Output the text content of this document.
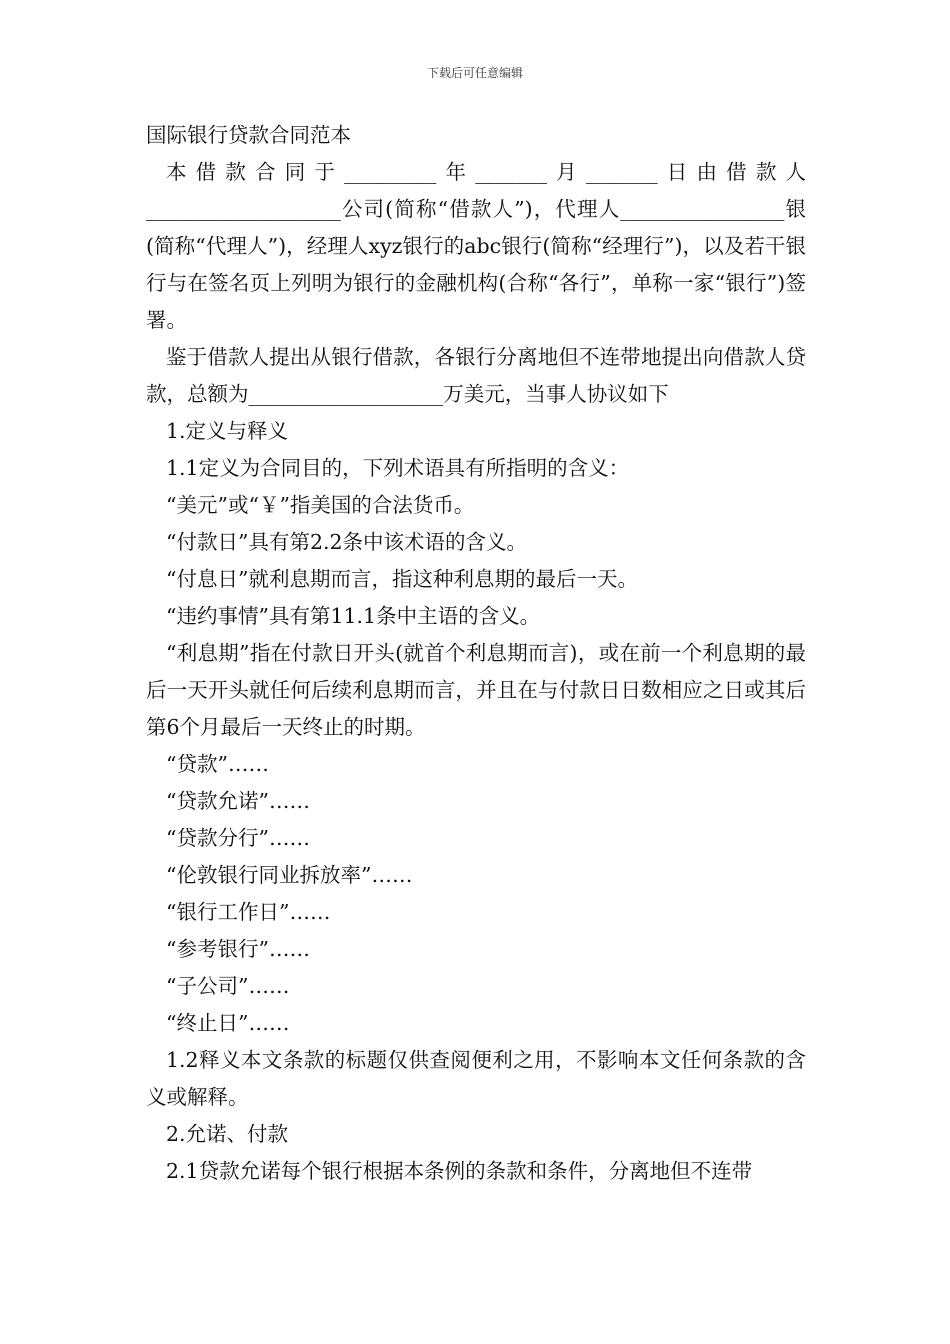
下载后可任意编辑

国际银行贷款合同范本

本借款合同于_________年_______月_______日由借款人___________________公司(简称“借款人”)，代理人________________银(简称“代理人”)，经理人xyz银行的abc银行(简称“经理行”)，以及若干银行与在签名页上列明为银行的金融机构(合称“各行”，单称一家“银行”)签署。

鉴于借款人提出从银行借款，各银行分离地但不连带地提出向借款人贷款，总额为___________________万美元，当事人协议如下

1.定义与释义

1.1定义为合同目的，下列术语具有所指明的含义：

“美元”或“￥”指美国的合法货币。

“付款日”具有第2.2条中该术语的含义。

“付息日”就利息期而言，指这种利息期的最后一天。

“违约事情”具有第11.1条中主语的含义。

“利息期”指在付款日开头(就首个利息期而言)，或在前一个利息期的最后一天开头就任何后续利息期而言，并且在与付款日日数相应之日或其后第6个月最后一天终止的时期。

“贷款”……

“贷款允诺”……

“贷款分行”……

“伦敦银行同业拆放率”……

“银行工作日”……

“参考银行”……

“子公司”……

“终止日”……

1.2释义本文条款的标题仅供查阅便利之用，不影响本文任何条款的含义或解释。

2.允诺、付款

2.1贷款允诺每个银行根据本条例的条款和条件，分离地但不连带
